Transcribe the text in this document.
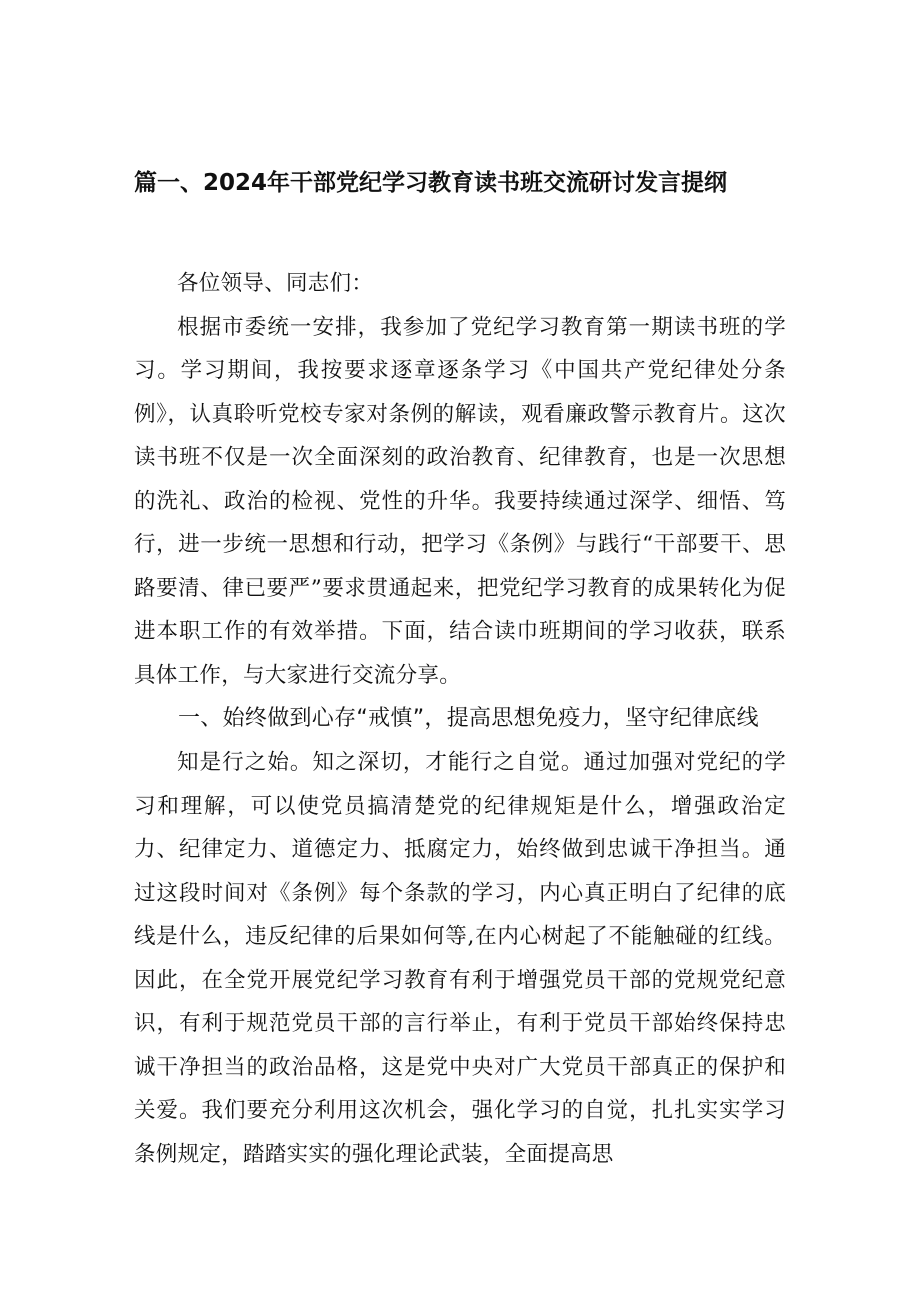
篇一、2024年干部党纪学习教育读书班交流研讨发言提纲

各位领导、同志们：

根据市委统一安排，我参加了党纪学习教育第一期读书班的学习。学习期间，我按要求逐章逐条学习《中国共产党纪律处分条例》，认真聆听党校专家对条例的解读，观看廉政警示教育片。这次读书班不仅是一次全面深刻的政治教育、纪律教育，也是一次思想的洗礼、政治的检视、党性的升华。我要持续通过深学、细悟、笃行，进一步统一思想和行动，把学习《条例》与践行“干部要干、思路要清、律已要严”要求贯通起来，把党纪学习教育的成果转化为促进本职工作的有效举措。下面，结合读巾班期间的学习收获，联系具体工作，与大家进行交流分享。

一、始终做到心存“戒慎”，提高思想免疫力，坚守纪律底线

知是行之始。知之深切，才能行之自觉。通过加强对党纪的学习和理解，可以使党员搞清楚党的纪律规矩是什么，增强政治定力、纪律定力、道德定力、抵腐定力，始终做到忠诚干净担当。通过这段时间对《条例》每个条款的学习，内心真正明白了纪律的底线是什么，违反纪律的后果如何等,在内心树起了不能触碰的红线。因此，在全党开展党纪学习教育有利于增强党员干部的党规党纪意识，有利于规范党员干部的言行举止，有利于党员干部始终保持忠诚干净担当的政治品格，这是党中央对广大党员干部真正的保护和关爱。我们要充分利用这次机会，强化学习的自觉，扎扎实实学习条例规定，踏踏实实的强化理论武装，全面提高思
